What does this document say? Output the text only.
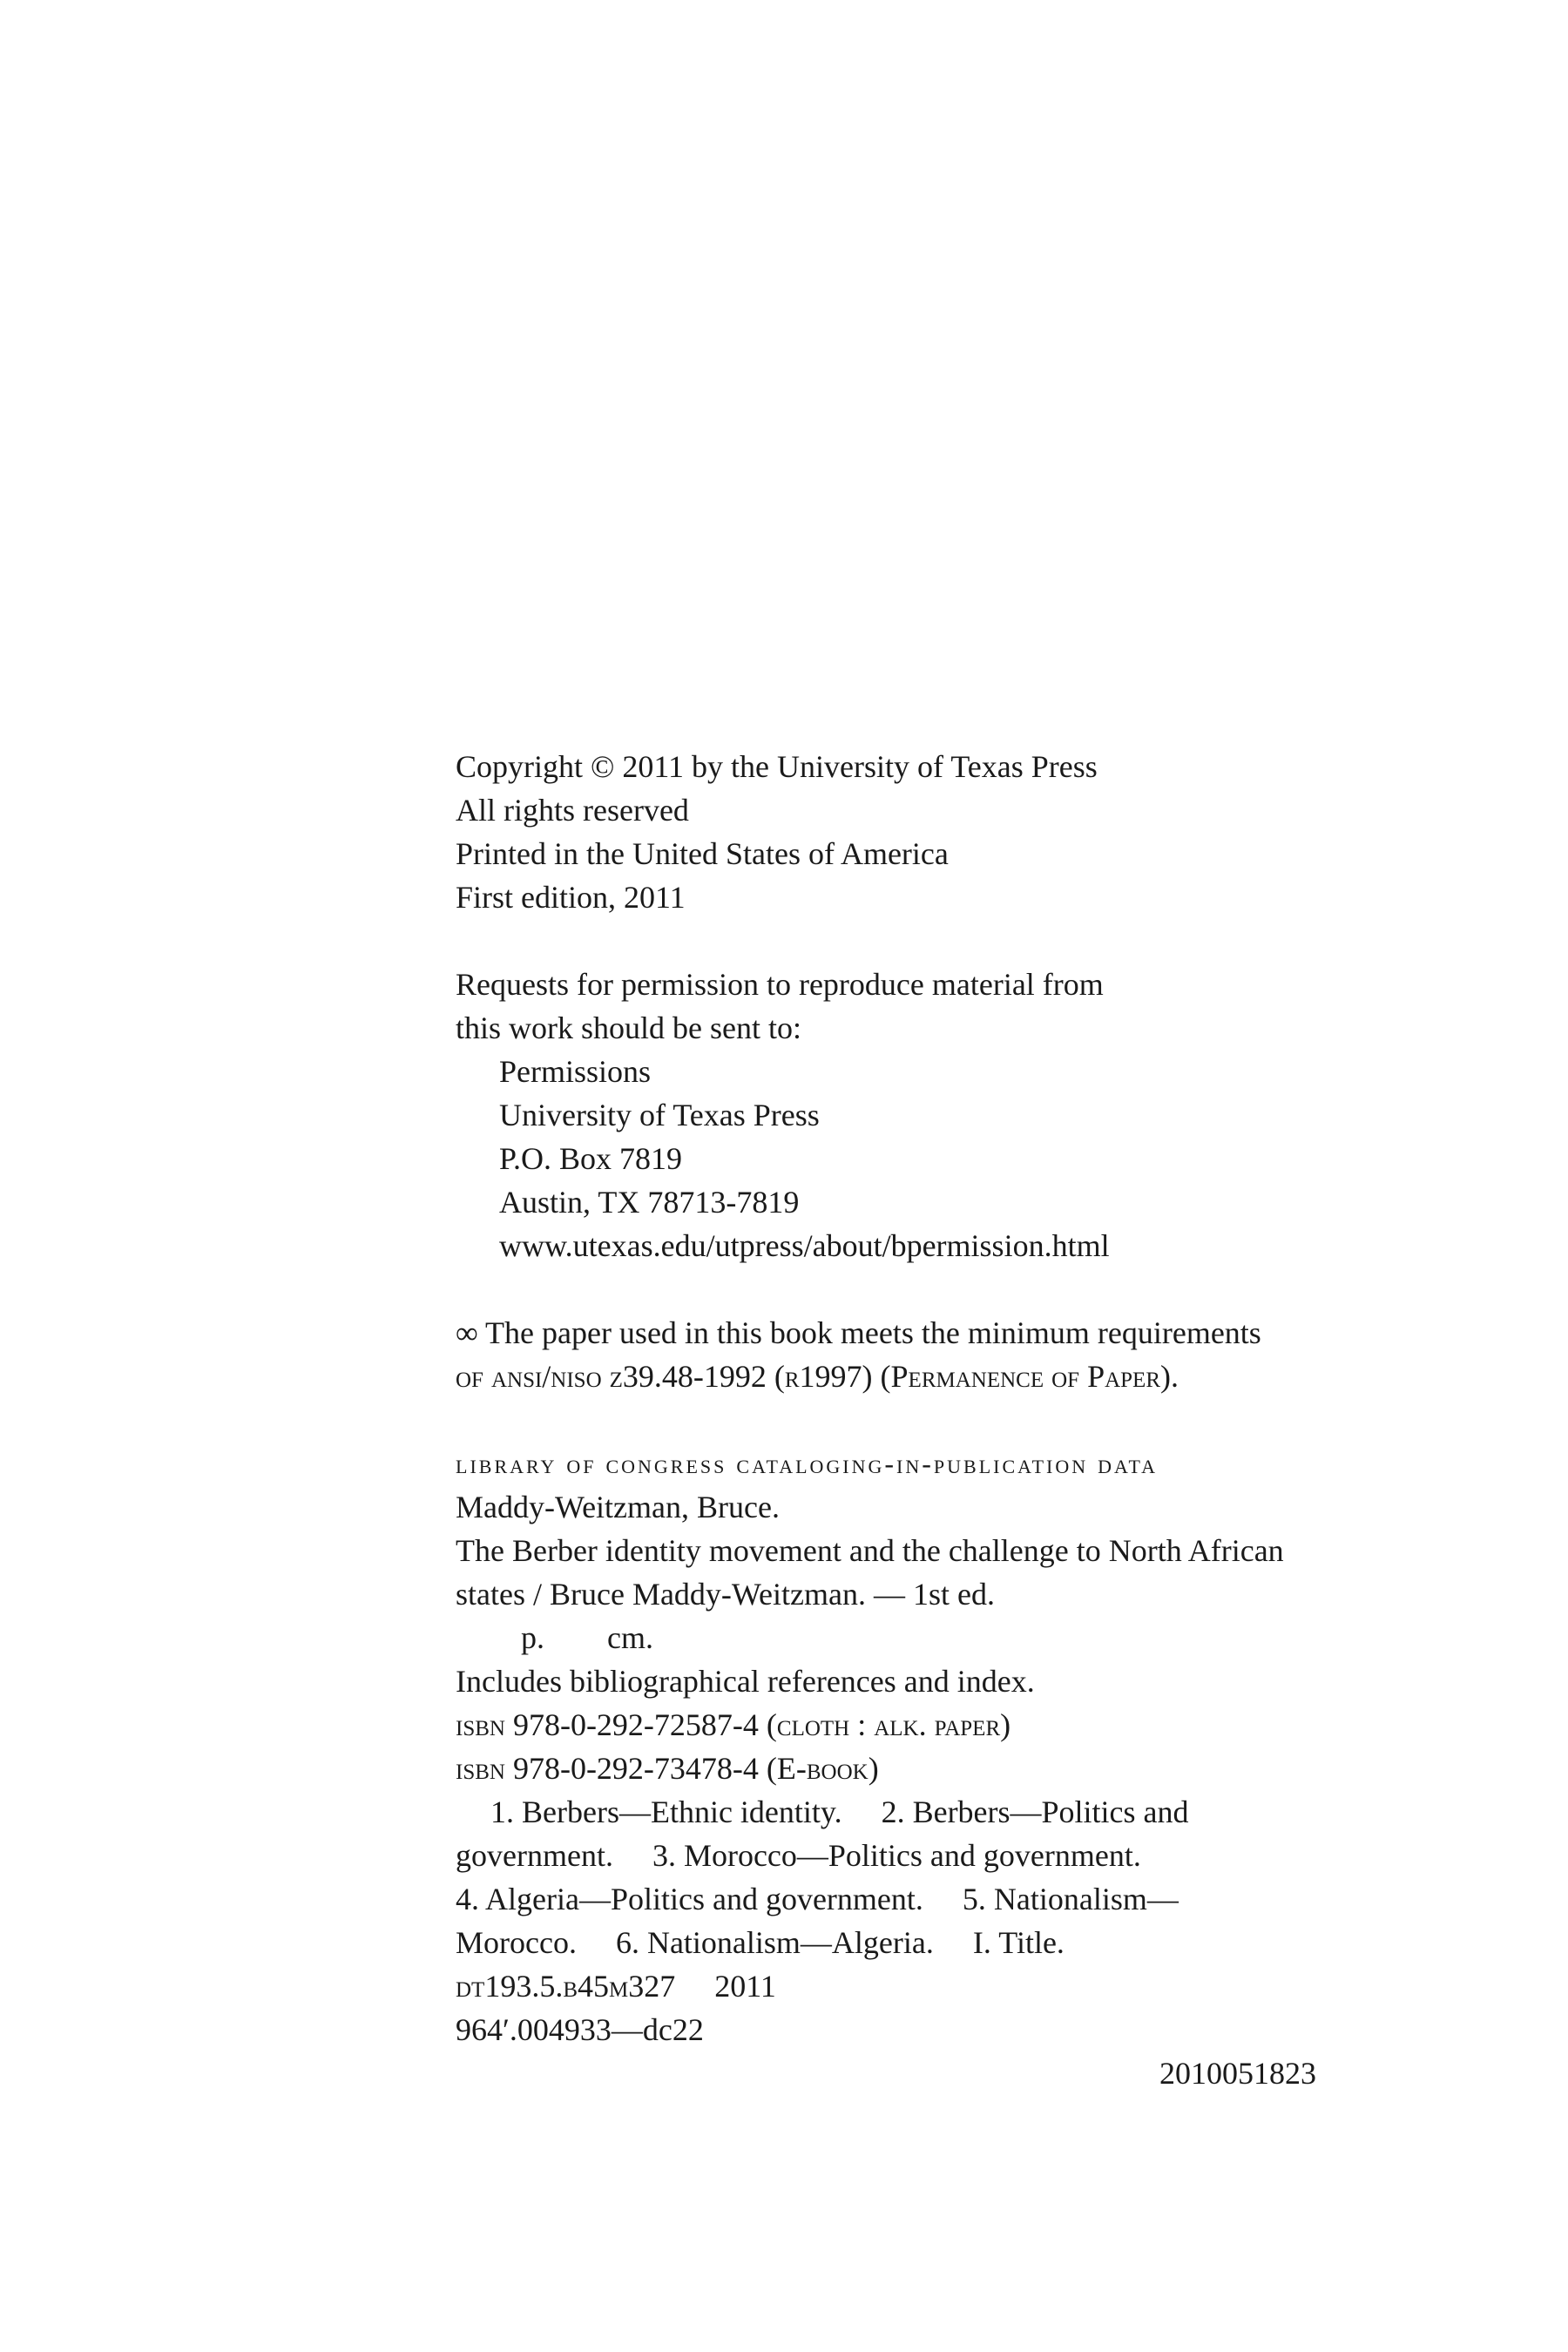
Copyright © 2011 by the University of Texas Press
All rights reserved
Printed in the United States of America
First edition, 2011
Requests for permission to reproduce material from
this work should be sent to:
Permissions
University of Texas Press
P.O. Box 7819
Austin, TX 78713-7819
www.utexas.edu/utpress/about/bpermission.html
∞ The paper used in this book meets the minimum requirements
of ansi/niso z39.48-1992 (r1997) (Permanence of Paper).
library of congress cataloging-in-publication data
Maddy-Weitzman, Bruce.
The Berber identity movement and the challenge to North African
states / Bruce Maddy-Weitzman. — 1st ed.
p.        cm.
Includes bibliographical references and index.
isbn 978-0-292-72587-4 (cloth : alk. paper)
isbn 978-0-292-73478-4 (E-book)
1. Berbers—Ethnic identity.     2. Berbers—Politics and
government.     3. Morocco—Politics and government.
4. Algeria—Politics and government.     5. Nationalism—
Morocco.     6. Nationalism—Algeria.     I. Title.
dt193.5.b45m327     2011
964′.004933—dc22
2010051823
